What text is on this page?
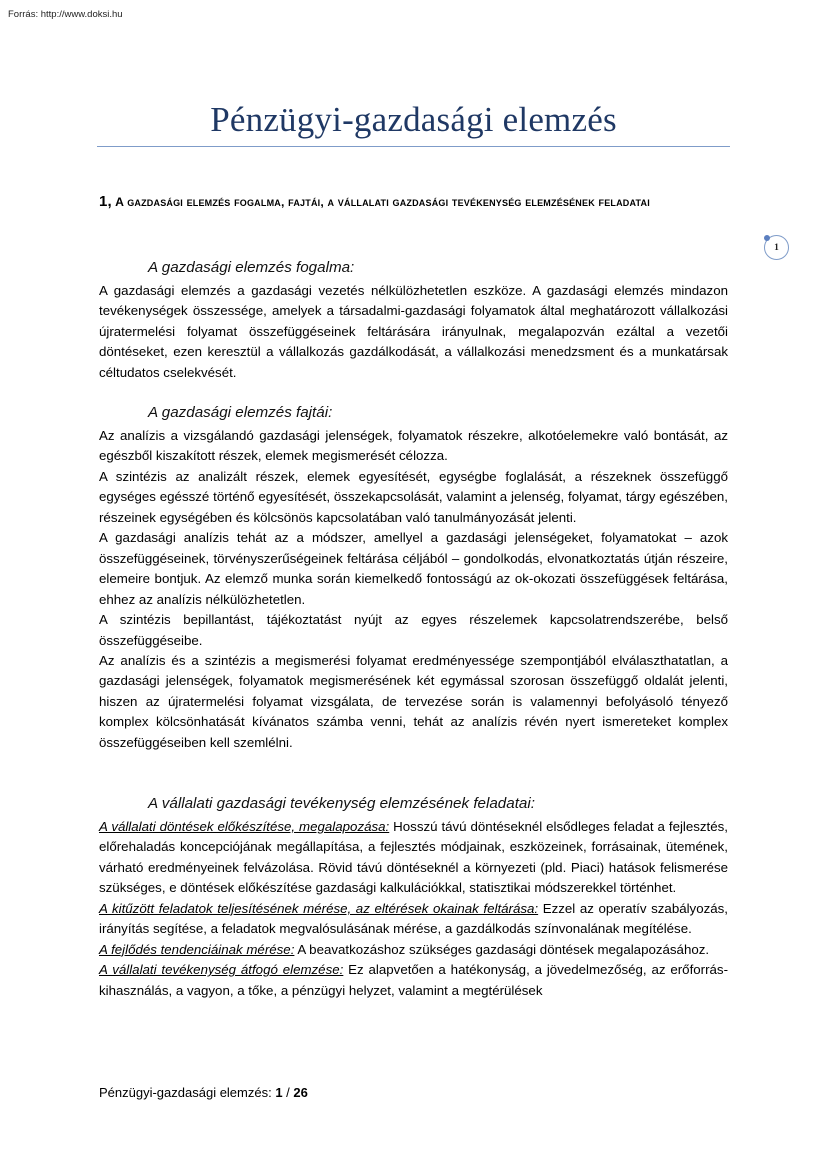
Forrás: http://www.doksi.hu
Pénzügyi-gazdasági elemzés
1, A gazdasági elemzés fogalma, fajtái, a vállalati gazdasági tevékenység elemzésének feladatai
1
A gazdasági elemzés fogalma:

A gazdasági elemzés a gazdasági vezetés nélkülözhetetlen eszköze. A gazdasági elemzés mindazon tevékenységek összessége, amelyek a társadalmi-gazdasági folyamatok által meghatározott vállalkozási újratermelési folyamat összefüggéseinek feltárására irányulnak, megalapozván ezáltal a vezetői döntéseket, ezen keresztül a vállalkozás gazdálkodását, a vállalkozási menedzsment és a munkatársak céltudatos cselekvését.

A gazdasági elemzés fajtái:

Az analízis a vizsgálandó gazdasági jelenségek, folyamatok részekre, alkotóelemekre való bontását, az egészből kiszakított részek, elemek megismerését célozza.

A szintézis az analizált részek, elemek egyesítését, egységbe foglalását, a részeknek összefüggő egységes egésszé történő egyesítését, összekapcsolását, valamint a jelenség, folyamat, tárgy egészében, részeinek egységében és kölcsönös kapcsolatában való tanulmányozását jelenti.

A gazdasági analízis tehát az a módszer, amellyel a gazdasági jelenségeket, folyamatokat – azok összefüggéseinek, törvényszerűségeinek feltárása céljából – gondolkodás, elvonatkoztatás útján részeire, elemeire bontjuk. Az elemző munka során kiemelkedő fontosságú az ok-okozati összefüggések feltárása, ehhez az analízis nélkülözhetetlen.

A szintézis bepillantást, tájékoztatást nyújt az egyes részelemek kapcsolatrendszerébe, belső összefüggéseibe.

Az analízis és a szintézis a megismerési folyamat eredményessége szempontjából elválaszthatatlan, a gazdasági jelenségek, folyamatok megismerésének két egymással szorosan összefüggő oldalát jelenti, hiszen az újratermelési folyamat vizsgálata, de tervezése során is valamennyi befolyásoló tényező komplex kölcsönhatását kívánatos számba venni, tehát az analízis révén nyert ismereteket komplex összefüggéseiben kell szemlélni.

A vállalati gazdasági tevékenység elemzésének feladatai:

A vállalati döntések előkészítése, megalapozása: Hosszú távú döntéseknél elsődleges feladat a fejlesztés, előrehaladás koncepciójának megállapítása, a fejlesztés módjainak, eszközeinek, forrásainak, ütemének, várható eredményeinek felvázolása. Rövid távú döntéseknél a környezeti (pld. Piaci) hatások felismerése szükséges, e döntések előkészítése gazdasági kalkulációkkal, statisztikai módszerekkel történhet.

A kitűzött feladatok teljesítésének mérése, az eltérések okainak feltárása: Ezzel az operatív szabályozás, irányítás segítése, a feladatok megvalósulásának mérése, a gazdálkodás színvonalának megítélése.

A fejlődés tendenciáinak mérése: A beavatkozáshoz szükséges gazdasági döntések megalapozásához.

A vállalati tevékenység átfogó elemzése: Ez alapvetően a hatékonyság, a jövedelmezőség, az erőforrás-kihasználás, a vagyon, a tőke, a pénzügyi helyzet, valamint a megtérülések

Pénzügyi-gazdasági elemzés: 1 / 26
